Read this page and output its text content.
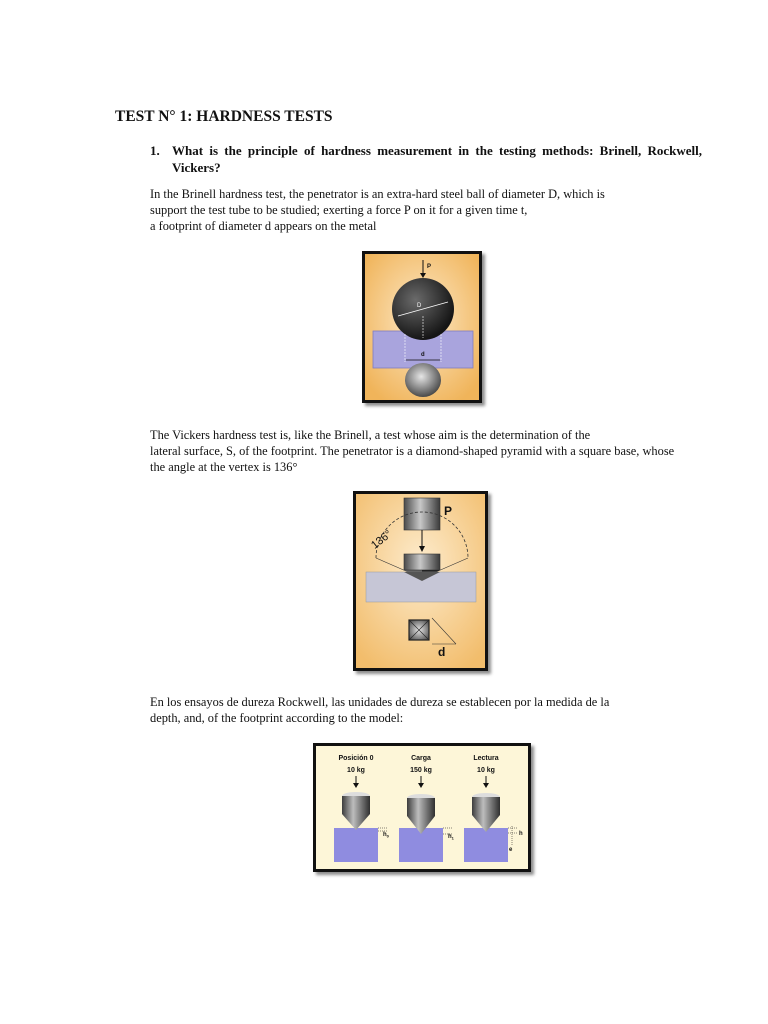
TEST N° 1: HARDNESS TESTS
1. What is the principle of hardness measurement in the testing methods: Brinell, Rockwell, Vickers?
In the Brinell hardness test, the penetrator is an extra-hard steel ball of diameter D, which is
support the test tube to be studied; exerting a force P on it for a given time t,
a footprint of diameter d appears on the metal
P
D
d
The Vickers hardness test is, like the Brinell, a test whose aim is the determination of the
lateral surface, S, of the footprint. The penetrator is a diamond-shaped pyramid with a square base, whose
the angle at the vertex is 136°
P
136°
d
En los ensayos de dureza Rockwell, las unidades de dureza se establecen por la medida de la
depth, and, of the footprint according to the model:
Posición 0
10 kg
$h_0$
Carga
150 kg
$h_1$
Lectura
10 kg
h
e
